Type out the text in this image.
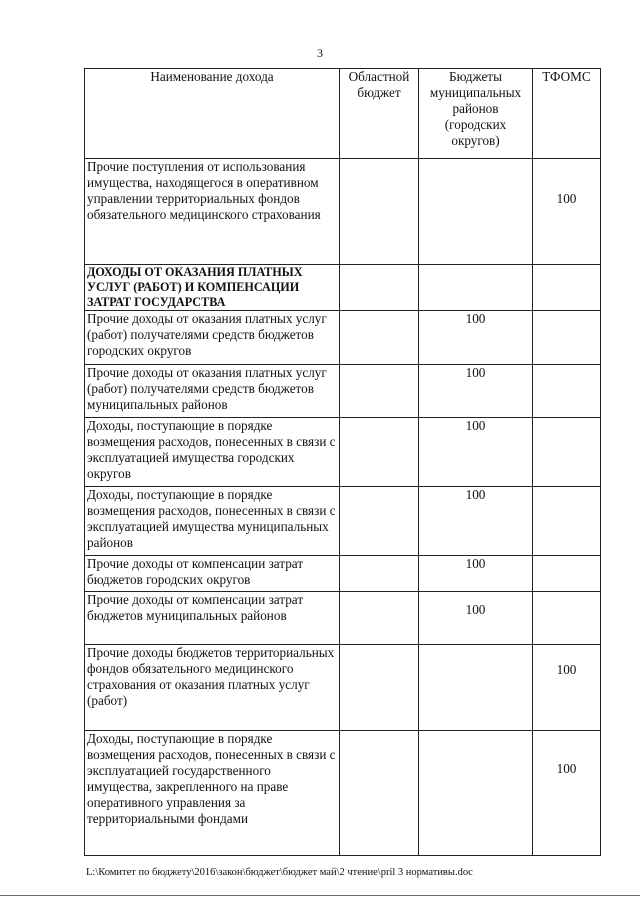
3
Наименование дохода	Областной бюджет	Бюджеты муниципальных районов (городских округов)	ТФОМС
Прочие поступления от использования имущества, находящегося в оперативном управлении территориальных фондов обязательного медицинского страхования			100
ДОХОДЫ ОТ ОКАЗАНИЯ ПЛАТНЫХ УСЛУГ (РАБОТ) И КОМПЕНСАЦИИ ЗАТРАТ ГОСУДАРСТВА			
Прочие доходы от оказания платных услуг (работ) получателями средств бюджетов городских округов		100	
Прочие доходы от оказания платных услуг (работ) получателями средств бюджетов муниципальных районов		100	
Доходы, поступающие в порядке возмещения расходов, понесенных в связи с эксплуатацией имущества городских округов		100	
Доходы, поступающие в порядке возмещения расходов, понесенных в связи с эксплуатацией имущества муниципальных районов		100	
Прочие доходы от компенсации затрат бюджетов городских округов		100	
Прочие доходы от компенсации затрат бюджетов муниципальных районов		100	
Прочие доходы бюджетов территориальных фондов обязательного медицинского страхования от оказания платных услуг (работ)			100
Доходы, поступающие в порядке возмещения расходов, понесенных в связи с эксплуатацией государственного имущества, закрепленного на праве оперативного управления за территориальными фондами			100
L:\Комитет по бюджету\2016\закон\бюджет\бюджет май\2 чтение\pril 3 нормативы.doc
